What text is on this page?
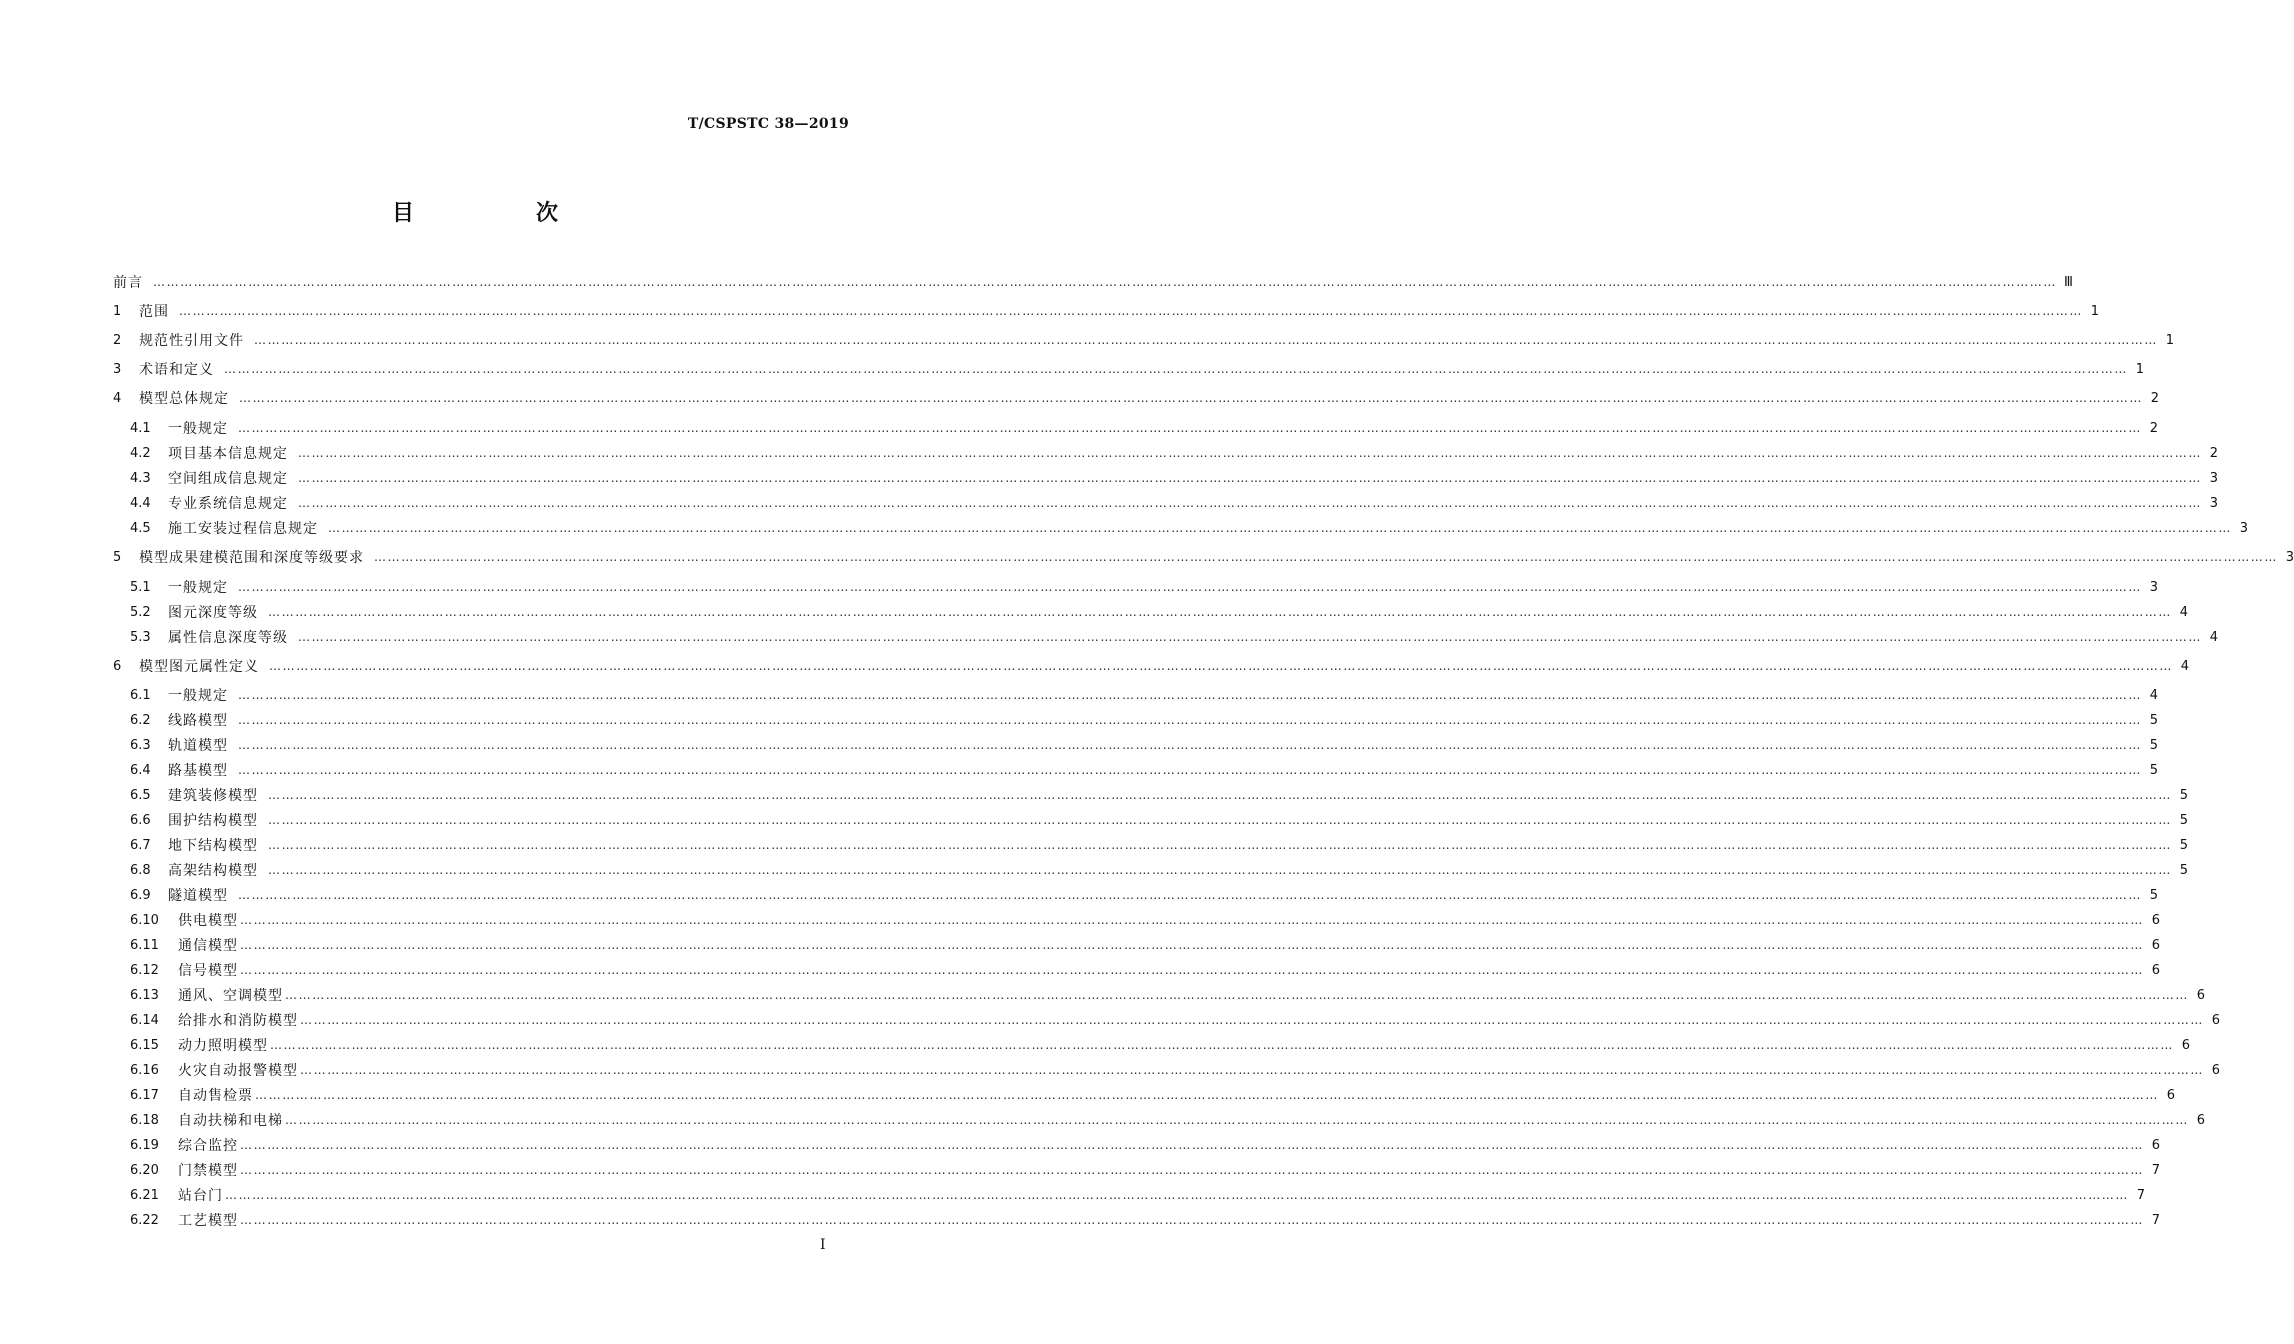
T/CSPSTC 38—2019
目　次
前言 …………………………………………………………………………………………………………………………………………………………………………………………………………………………………………………………………………………………………………………………………………………………………………………… Ⅲ
1	范围 …………………………………………………………………………………………………………………………………………………………………………………………………………………………………………………………………………………………………………………………………………………………………………………… 1
2	规范性引用文件 …………………………………………………………………………………………………………………………………………………………………………………………………………………………………………………………………………………………………………………………………………………………………………………… 1
3	术语和定义 …………………………………………………………………………………………………………………………………………………………………………………………………………………………………………………………………………………………………………………………………………………………………………………… 1
4	模型总体规定 …………………………………………………………………………………………………………………………………………………………………………………………………………………………………………………………………………………………………………………………………………………………………………………… 2
4.1	一般规定 …………………………………………………………………………………………………………………………………………………………………………………………………………………………………………………………………………………………………………………………………………………………………………………… 2
4.2	项目基本信息规定 …………………………………………………………………………………………………………………………………………………………………………………………………………………………………………………………………………………………………………………………………………………………………………………… 2
4.3	空间组成信息规定 …………………………………………………………………………………………………………………………………………………………………………………………………………………………………………………………………………………………………………………………………………………………………………………… 3
4.4	专业系统信息规定 …………………………………………………………………………………………………………………………………………………………………………………………………………………………………………………………………………………………………………………………………………………………………………………… 3
4.5	施工安装过程信息规定 …………………………………………………………………………………………………………………………………………………………………………………………………………………………………………………………………………………………………………………………………………………………………………………… 3
5	模型成果建模范围和深度等级要求 …………………………………………………………………………………………………………………………………………………………………………………………………………………………………………………………………………………………………………………………………………………………………………………… 3
5.1	一般规定 …………………………………………………………………………………………………………………………………………………………………………………………………………………………………………………………………………………………………………………………………………………………………………………… 3
5.2	图元深度等级 …………………………………………………………………………………………………………………………………………………………………………………………………………………………………………………………………………………………………………………………………………………………………………………… 4
5.3	属性信息深度等级 …………………………………………………………………………………………………………………………………………………………………………………………………………………………………………………………………………………………………………………………………………………………………………………… 4
6	模型图元属性定义 …………………………………………………………………………………………………………………………………………………………………………………………………………………………………………………………………………………………………………………………………………………………………………………… 4
6.1	一般规定 …………………………………………………………………………………………………………………………………………………………………………………………………………………………………………………………………………………………………………………………………………………………………………………… 4
6.2	线路模型 …………………………………………………………………………………………………………………………………………………………………………………………………………………………………………………………………………………………………………………………………………………………………………………… 5
6.3	轨道模型 …………………………………………………………………………………………………………………………………………………………………………………………………………………………………………………………………………………………………………………………………………………………………………………… 5
6.4	路基模型 …………………………………………………………………………………………………………………………………………………………………………………………………………………………………………………………………………………………………………………………………………………………………………………… 5
6.5	建筑装修模型 …………………………………………………………………………………………………………………………………………………………………………………………………………………………………………………………………………………………………………………………………………………………………………………… 5
6.6	围护结构模型 …………………………………………………………………………………………………………………………………………………………………………………………………………………………………………………………………………………………………………………………………………………………………………………… 5
6.7	地下结构模型 …………………………………………………………………………………………………………………………………………………………………………………………………………………………………………………………………………………………………………………………………………………………………………………… 5
6.8	高架结构模型 …………………………………………………………………………………………………………………………………………………………………………………………………………………………………………………………………………………………………………………………………………………………………………………… 5
6.9	隧道模型 …………………………………………………………………………………………………………………………………………………………………………………………………………………………………………………………………………………………………………………………………………………………………………………… 5
6.10	供电模型 …………………………………………………………………………………………………………………………………………………………………………………………………………………………………………………………………………………………………………………………………………………………………………………… 6
6.11	通信模型 …………………………………………………………………………………………………………………………………………………………………………………………………………………………………………………………………………………………………………………………………………………………………………………… 6
6.12	信号模型 …………………………………………………………………………………………………………………………………………………………………………………………………………………………………………………………………………………………………………………………………………………………………………………… 6
6.13	通风、空调模型 …………………………………………………………………………………………………………………………………………………………………………………………………………………………………………………………………………………………………………………………………………………………………………………… 6
6.14	给排水和消防模型 …………………………………………………………………………………………………………………………………………………………………………………………………………………………………………………………………………………………………………………………………………………………………………………… 6
6.15	动力照明模型 …………………………………………………………………………………………………………………………………………………………………………………………………………………………………………………………………………………………………………………………………………………………………………………… 6
6.16	火灾自动报警模型 …………………………………………………………………………………………………………………………………………………………………………………………………………………………………………………………………………………………………………………………………………………………………………………… 6
6.17	自动售检票 …………………………………………………………………………………………………………………………………………………………………………………………………………………………………………………………………………………………………………………………………………………………………………………… 6
6.18	自动扶梯和电梯 …………………………………………………………………………………………………………………………………………………………………………………………………………………………………………………………………………………………………………………………………………………………………………………… 6
6.19	综合监控 …………………………………………………………………………………………………………………………………………………………………………………………………………………………………………………………………………………………………………………………………………………………………………………… 6
6.20	门禁模型 …………………………………………………………………………………………………………………………………………………………………………………………………………………………………………………………………………………………………………………………………………………………………………………… 7
6.21	站台门 …………………………………………………………………………………………………………………………………………………………………………………………………………………………………………………………………………………………………………………………………………………………………………………… 7
6.22	工艺模型 …………………………………………………………………………………………………………………………………………………………………………………………………………………………………………………………………………………………………………………………………………………………………………………… 7
I
